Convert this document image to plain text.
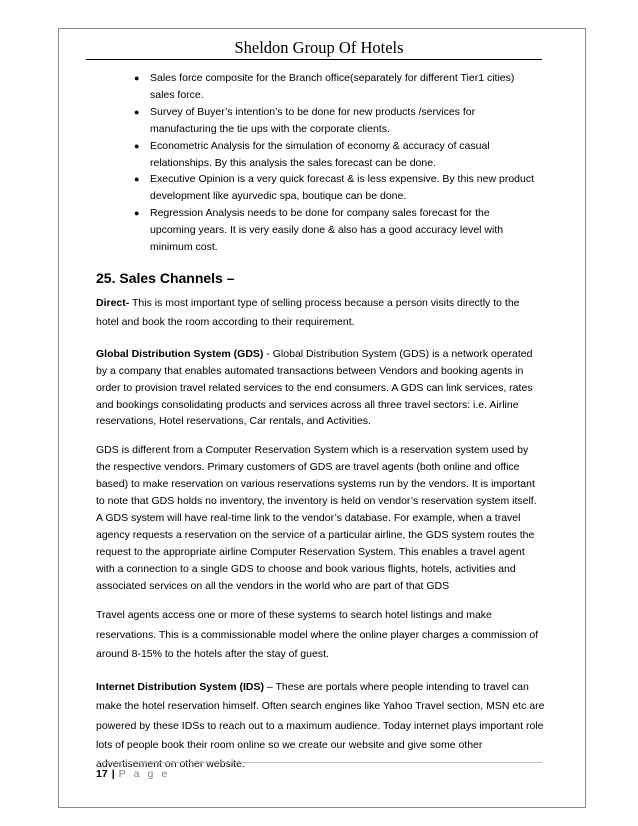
Sheldon Group Of Hotels
● Sales force composite for the Branch office(separately for different Tier1 cities) sales force.
● Survey of Buyer’s intention’s to be done for new products /services for manufacturing the tie ups with the corporate clients.
● Econometric Analysis for the simulation of economy & accuracy of casual relationships. By this analysis the sales forecast can be done.
● Executive Opinion is a very quick forecast & is less expensive. By this new product development like ayurvedic spa, boutique can be done.
● Regression Analysis needs to be done for company sales forecast for the upcoming years. It is very easily done & also has a good accuracy level with minimum cost.
25. Sales Channels –

Direct- This is most important type of selling process because a person visits directly to the hotel and book the room according to their requirement.

Global Distribution System (GDS) - Global Distribution System (GDS) is a network operated by a company that enables automated transactions between Vendors and booking agents in order to provision travel related services to the end consumers. A GDS can link services, rates and bookings consolidating products and services across all three travel sectors: i.e. Airline reservations, Hotel reservations, Car rentals, and Activities.

GDS is different from a Computer Reservation System which is a reservation system used by the respective vendors. Primary customers of GDS are travel agents (both online and office based) to make reservation on various reservations systems run by the vendors. It is important to note that GDS holds no inventory, the inventory is held on vendor’s reservation system itself. A GDS system will have real-time link to the vendor’s database. For example, when a travel agency requests a reservation on the service of a particular airline, the GDS system routes the request to the appropriate airline Computer Reservation System. This enables a travel agent with a connection to a single GDS to choose and book various flights, hotels, activities and associated services on all the vendors in the world who are part of that GDS

Travel agents access one or more of these systems to search hotel listings and make reservations. This is a commissionable model where the online player charges a commission of around 8-15% to the hotels after the stay of guest.

Internet Distribution System (IDS) – These are portals where people intending to travel can make the hotel reservation himself. Often search engines like Yahoo Travel section, MSN etc are powered by these IDSs to reach out to a maximum audience. Today internet plays important role lots of people book their room online so we create our website and give some other advertisement on other website.

17 | P a g e
